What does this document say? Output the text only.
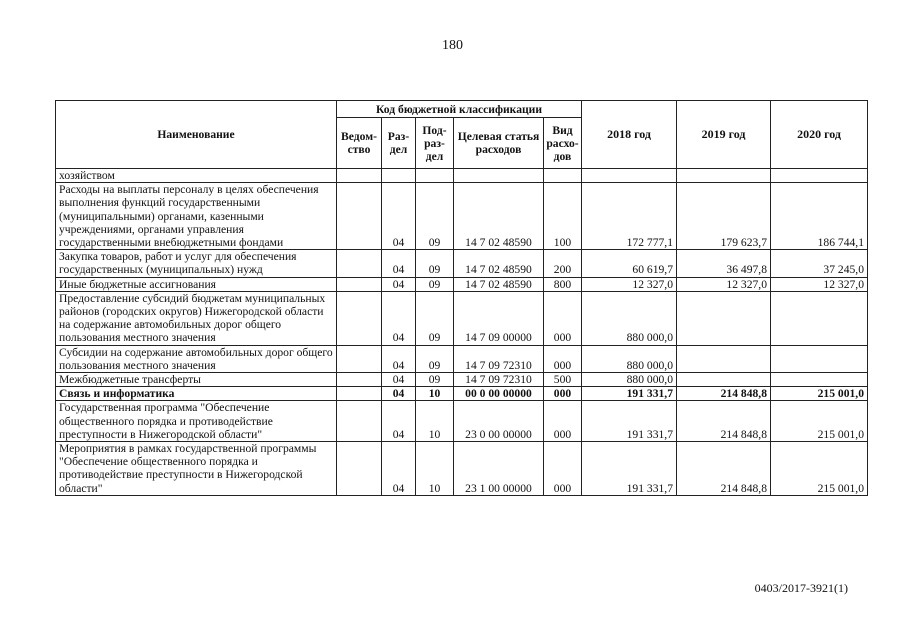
180
Наименование	Код бюджетной классификации					2018 год	2019 год	2020 год
	Ведом-ство	Раз-дел	Под-раз-дел	Целевая статья расходов	Вид расхо-дов			
хозяйством								
Расходы на выплаты персоналу в целях обеспечения выполнения функций государственными (муниципальными) органами, казенными учреждениями, органами управления государственными внебюджетными фондами		04	09	14 7 02 48590	100	172 777,1	179 623,7	186 744,1
Закупка товаров, работ и услуг для обеспечения государственных (муниципальных) нужд		04	09	14 7 02 48590	200	60 619,7	36 497,8	37 245,0
Иные бюджетные ассигнования		04	09	14 7 02 48590	800	12 327,0	12 327,0	12 327,0
Предоставление субсидий бюджетам муниципальных районов (городских округов) Нижегородской области на содержание автомобильных дорог общего пользования местного значения		04	09	14 7 09 00000	000	880 000,0		
Субсидии на содержание автомобильных дорог общего пользования местного значения		04	09	14 7 09 72310	000	880 000,0		
Межбюджетные трансферты		04	09	14 7 09 72310	500	880 000,0		
Связь и информатика		04	10	00 0 00 00000	000	191 331,7	214 848,8	215 001,0
Государственная программа "Обеспечение общественного порядка и противодействие преступности в Нижегородской области"		04	10	23 0 00 00000	000	191 331,7	214 848,8	215 001,0
Мероприятия в рамках государственной программы "Обеспечение общественного порядка и противодействие преступности в Нижегородской области"		04	10	23 1 00 00000	000	191 331,7	214 848,8	215 001,0
0403/2017-3921(1)
